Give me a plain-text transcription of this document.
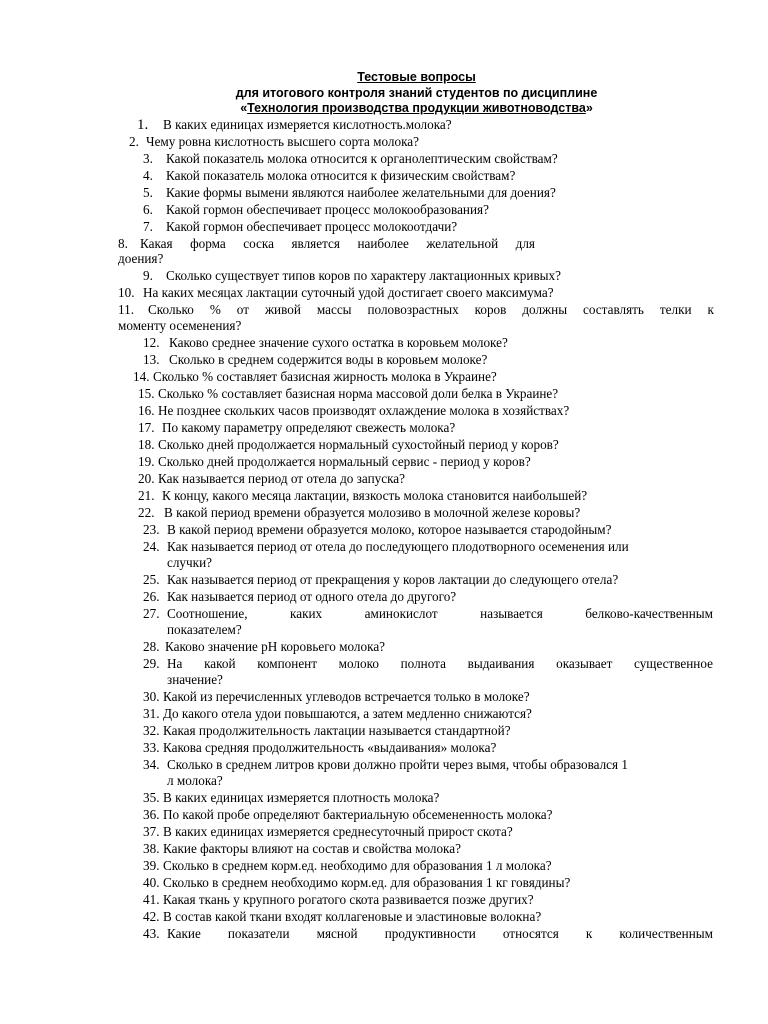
Тестовые вопросы
для итогового контроля знаний студентов по дисциплине
«Технология производства продукции животноводства»
1. В каких единицах измеряется кислотность.молока?
2. Чему ровна кислотность высшего сорта молока?
3. Какой показатель молока относится к органолептическим свойствам?
4. Какой показатель молока относится к физическим свойствам?
5. Какие формы вымени являются наиболее желательными для доения?
6. Какой гормон обеспечивает процесс молокообразования?
7. Какой гормон обеспечивает процесс молокоотдачи?
8. Какая форма соска является наиболее желательной для
доения?
9. Сколько существует типов коров по характеру лактационных кривых?
10. На каких месяцах лактации суточный удой достигает своего максимума?
11. Сколько % от живой массы половозрастных коров должны составлять телки к
моменту осеменения?
12. Каково среднее значение сухого остатка в коровьем молоке?
13. Сколько в среднем содержится воды в коровьем молоке?
14. Сколько % составляет базисная жирность молока в Украине?
15. Сколько % составляет базисная норма массовой доли белка в Украине?
16. Не позднее скольких часов производят охлаждение молока в хозяйствах?
17. По какому параметру определяют свежесть молока?
18. Сколько дней продолжается нормальный сухостойный период у коров?
19. Сколько дней продолжается нормальный сервис - период у коров?
20. Как называется период от отела до запуска?
21. К концу, какого месяца лактации, вязкость молока становится наибольшей?
22. В какой период времени образуется молозиво в молочной железе коровы?
23. В какой период времени образуется молоко, которое называется стародойным?
24. Как называется период от отела до последующего плодотворного осеменения или
случки?
25. Как называется период от прекращения у коров лактации до следующего отела?
26. Как называется период от одного отела до другого?
27. Соотношение,	каких	аминокислот	называется	белково-качественным
показателем?
28. Каково значение рН коровьего молока?
29. На какой компонент молоко полнота выдаивания оказывает существенное
значение?
30. Какой из перечисленных углеводов встречается только в молоке?
31. До какого отела удои повышаются, а затем медленно снижаются?
32. Какая продолжительность лактации называется стандартной?
33. Какова средняя продолжительность «выдаивания» молока?
34. Сколько в среднем литров крови должно пройти через вымя, чтобы образовался 1
л молока?
35. В каких единицах измеряется плотность молока?
36. По какой пробе определяют бактериальную обсемененность молока?
37. В каких единицах измеряется среднесуточный прирост скота?
38. Какие факторы влияют на состав и свойства молока?
39. Сколько в среднем корм.ед. необходимо для образования 1 л молока?
40. Сколько в среднем необходимо корм.ед. для образования 1 кг говядины?
41. Какая ткань у крупного рогатого скота развивается позже других?
42. В состав какой ткани входят коллагеновые и эластиновые волокна?
43. Какие показатели мясной продуктивности относятся к количественным
